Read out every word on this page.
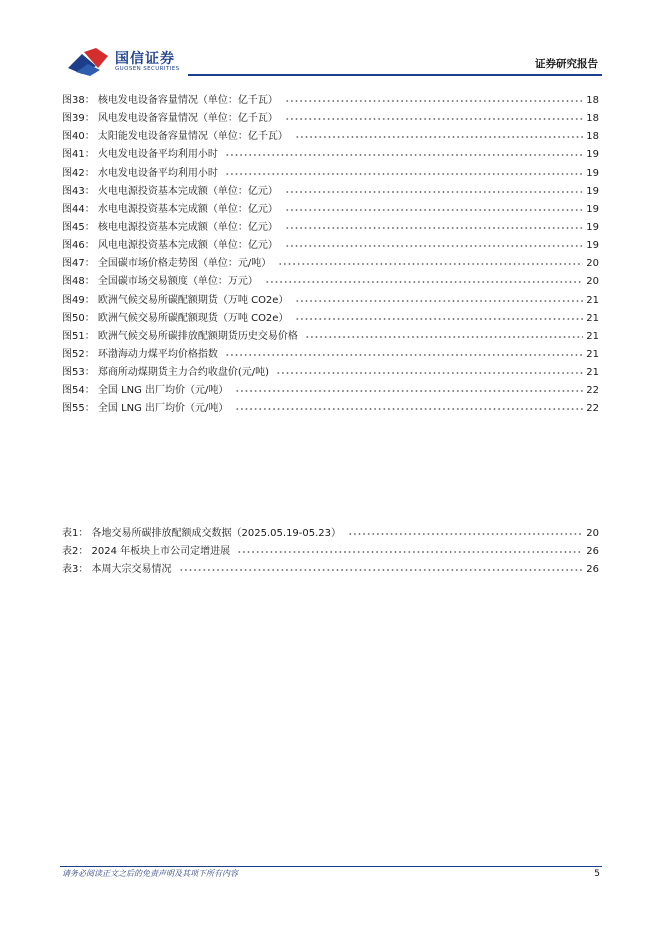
国信证券
GUOSEN SECURITIES	证券研究报告
图38： 核电发电设备容量情况（单位：亿千瓦）	18
图39： 风电发电设备容量情况（单位：亿千瓦）	18
图40： 太阳能发电设备容量情况（单位：亿千瓦）	18
图41： 火电发电设备平均利用小时	19
图42： 水电发电设备平均利用小时	19
图43： 火电电源投资基本完成额（单位：亿元）	19
图44： 水电电源投资基本完成额（单位：亿元）	19
图45： 核电电源投资基本完成额（单位：亿元）	19
图46： 风电电源投资基本完成额（单位：亿元）	19
图47： 全国碳市场价格走势图（单位：元/吨）	20
图48： 全国碳市场交易额度（单位：万元）	20
图49： 欧洲气候交易所碳配额期货（万吨 CO2e）	21
图50： 欧洲气候交易所碳配额现货（万吨 CO2e）	21
图51： 欧洲气候交易所碳排放配额期货历史交易价格	21
图52： 环渤海动力煤平均价格指数	21
图53： 郑商所动煤期货主力合约收盘价(元/吨)	21
图54： 全国 LNG 出厂均价（元/吨）	22
图55： 全国 LNG 出厂均价（元/吨）	22
表1： 各地交易所碳排放配额成交数据（2025.05.19-05.23）	20
表2： 2024 年板块上市公司定增进展	26
表3： 本周大宗交易情况	26
请务必阅读正文之后的免责声明及其项下所有内容	5
